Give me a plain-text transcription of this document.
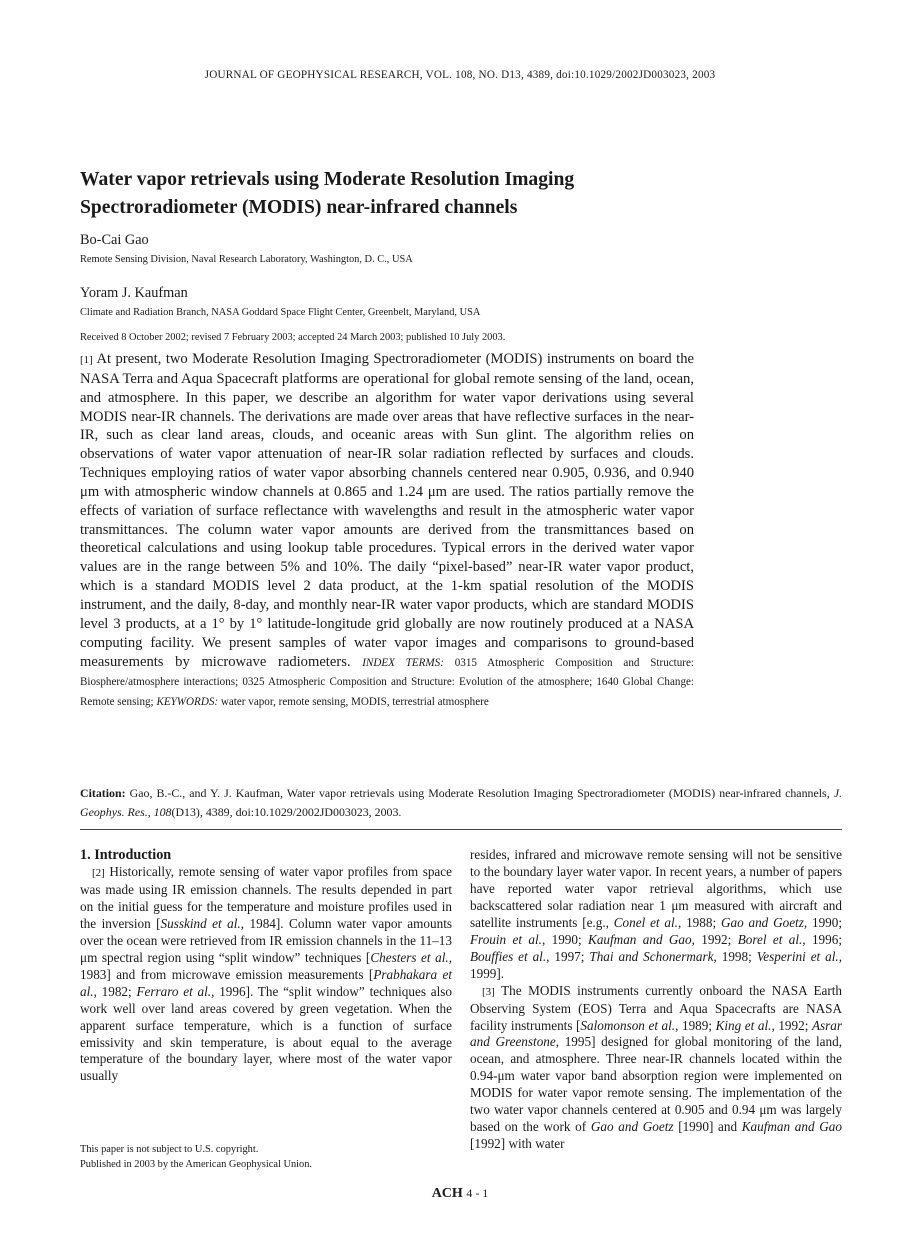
JOURNAL OF GEOPHYSICAL RESEARCH, VOL. 108, NO. D13, 4389, doi:10.1029/2002JD003023, 2003
Water vapor retrievals using Moderate Resolution Imaging
Spectroradiometer (MODIS) near-infrared channels
Bo-Cai Gao
Remote Sensing Division, Naval Research Laboratory, Washington, D. C., USA
Yoram J. Kaufman
Climate and Radiation Branch, NASA Goddard Space Flight Center, Greenbelt, Maryland, USA
Received 8 October 2002; revised 7 February 2003; accepted 24 March 2003; published 10 July 2003.
[1] At present, two Moderate Resolution Imaging Spectroradiometer (MODIS) instruments on board the NASA Terra and Aqua Spacecraft platforms are operational for global remote sensing of the land, ocean, and atmosphere. In this paper, we describe an algorithm for water vapor derivations using several MODIS near-IR channels. The derivations are made over areas that have reflective surfaces in the near-IR, such as clear land areas, clouds, and oceanic areas with Sun glint. The algorithm relies on observations of water vapor attenuation of near-IR solar radiation reflected by surfaces and clouds. Techniques employing ratios of water vapor absorbing channels centered near 0.905, 0.936, and 0.940 μm with atmospheric window channels at 0.865 and 1.24 μm are used. The ratios partially remove the effects of variation of surface reflectance with wavelengths and result in the atmospheric water vapor transmittances. The column water vapor amounts are derived from the transmittances based on theoretical calculations and using lookup table procedures. Typical errors in the derived water vapor values are in the range between 5% and 10%. The daily “pixel-based” near-IR water vapor product, which is a standard MODIS level 2 data product, at the 1-km spatial resolution of the MODIS instrument, and the daily, 8-day, and monthly near-IR water vapor products, which are standard MODIS level 3 products, at a 1° by 1° latitude-longitude grid globally are now routinely produced at a NASA computing facility. We present samples of water vapor images and comparisons to ground-based measurements by microwave radiometers. INDEX TERMS: 0315 Atmospheric Composition and Structure: Biosphere/atmosphere interactions; 0325 Atmospheric Composition and Structure: Evolution of the atmosphere; 1640 Global Change: Remote sensing; KEYWORDS: water vapor, remote sensing, MODIS, terrestrial atmosphere
Citation: Gao, B.-C., and Y. J. Kaufman, Water vapor retrievals using Moderate Resolution Imaging Spectroradiometer (MODIS) near-infrared channels, J. Geophys. Res., 108(D13), 4389, doi:10.1029/2002JD003023, 2003.
1. Introduction

[2] Historically, remote sensing of water vapor profiles from space was made using IR emission channels. The results depended in part on the initial guess for the temperature and moisture profiles used in the inversion [Susskind et al., 1984]. Column water vapor amounts over the ocean were retrieved from IR emission channels in the 11–13 μm spectral region using “split window” techniques [Chesters et al., 1983] and from microwave emission measurements [Prabhakara et al., 1982; Ferraro et al., 1996]. The “split window” techniques also work well over land areas covered by green vegetation. When the apparent surface temperature, which is a function of surface emissivity and skin temperature, is about equal to the average temperature of the boundary layer, where most of the water vapor usually

resides, infrared and microwave remote sensing will not be sensitive to the boundary layer water vapor. In recent years, a number of papers have reported water vapor retrieval algorithms, which use backscattered solar radiation near 1 μm measured with aircraft and satellite instruments [e.g., Conel et al., 1988; Gao and Goetz, 1990; Frouin et al., 1990; Kaufman and Gao, 1992; Borel et al., 1996; Bouffies et al., 1997; Thai and Schonermark, 1998; Vesperini et al., 1999].

[3] The MODIS instruments currently onboard the NASA Earth Observing System (EOS) Terra and Aqua Spacecrafts are NASA facility instruments [Salomonson et al., 1989; King et al., 1992; Asrar and Greenstone, 1995] designed for global monitoring of the land, ocean, and atmosphere. Three near-IR channels located within the 0.94-μm water vapor band absorption region were implemented on MODIS for water vapor remote sensing. The implementation of the two water vapor channels centered at 0.905 and 0.94 μm was largely based on the work of Gao and Goetz [1990] and Kaufman and Gao [1992] with water

This paper is not subject to U.S. copyright.
Published in 2003 by the American Geophysical Union.
ACH 4 - 1
